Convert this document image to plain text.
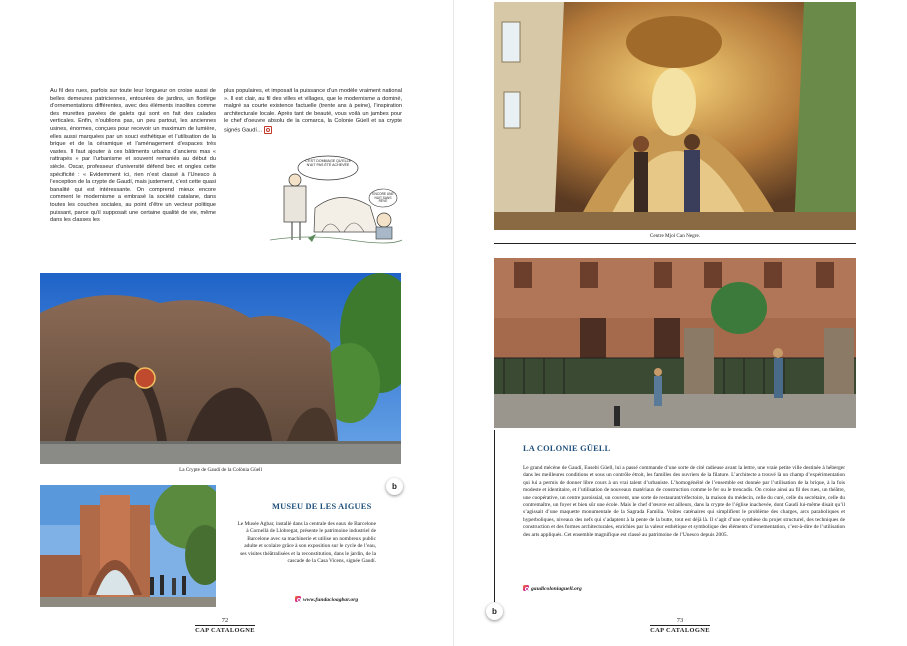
Au fil des rues, parfois sur toute leur longueur on croise aussi de belles demeures patriciennes, entourées de jardins, un florilège d’ornementations différentes, avec des éléments insolites comme des murettes pavées de galets qui sont en fait des calades verticales. Enfin, n’oublions pas, un peu partout, les anciennes usines, énormes, conçues pour recevoir un maximum de lumière, elles aussi marquées par un souci esthétique et l’utilisation de la brique et de la céramique et l’aménagement d’espaces très vastes. Il faut ajouter à ces bâtiments urbains d’anciens mas « rattrapés » par l’urbanisme et souvent remaniés au début du siècle. Oscar, professeur d’université défend bec et ongles cette spécificité : « Evidemment ici, rien n’est classé à l’Unesco à l’exception de la crypte de Gaudí, mais justement, c’est cette quasi banalité qui est intéressante. On comprend mieux encore comment le modernisme a embrasé la société catalane, dans toutes les couches sociales, au point d’être un vecteur politique puissant, parce qu’il supposait une certaine qualité de vie, même dans les classes les

plus populaires, et imposait la puissance d’un modèle vraiment national ». Il est clair, au fil des villes et villages, que le modernisme a dominé, malgré sa courte existence factuelle (trente ans à peine), l’inspiration architecturale locale. Après tant de beauté, vous voilà un jambes pour le chef d’oeuvre absolu de la comarca, la Colonie Güell et sa crypte signés Gaudí…

C'EST DOMMAGE QU'ELLE N'AIT PAS ÉTÉ ACHEVÉE
ENCORE UNE NUIT SANS RÊVE
La Crypte de Gaudí de la Colònia Güell
b
MUSEU DE LES AIGUES

Le Musée Agbar, installé dans la centrale des eaux de Barcelone à Cornellà de Llobregat, présente le patrimoine industriel de Barcelone avec sa machinerie et utilise un nombreux public adulte et scolaire grâce à son exposition sur le cycle de l’eau, ses visites théâtralisées et la reconstitution, dans le jardin, de la cascade de la Casa Vicens, signée Gaudí.

www.fundacioagbar.org
72
CAP CATALOGNE
Centre Mjol Can Negre.
LA COLONIE GÜELL

Le grand mécène de Gaudí, Eusebi Güell, lui a passé commande d’une sorte de cité radieuse avant la lettre, une vraie petite ville destinée à héberger dans les meilleures conditions et sous un contrôle étroit, les familles des ouvriers de la filature. L’architecte a trouvé là un champ d’expérimentation qui lui a permis de donner libre cours à un vrai talent d’urbaniste. L’homogénéité de l’ensemble est donnée par l’utilisation de la brique, à la fois modeste et identitaire, et l’utilisation de nouveaux matériaux de construction comme le fer ou le trencadís. On croise ainsi au fil des rues, un théâtre, une coopérative, un centre paroissial, un couvent, une sorte de restaurant/réfectoire, la maison du médecin, celle du curé, celle du secrétaire, celle du contremaître, un foyer et bien sûr une école. Mais le chef d’œuvre est ailleurs, dans la crypte de l’église inachevée, dont Gaudí lui-même disait qu’il s’agissait d’une maquette monumentale de la Sagrada Familia. Voûtes caténaires qui simplifient le problème des charges, arcs paraboliques et hyperboliques, niveaux des nefs qui s’adaptent à la pente de la butte, tout est déjà là. Il s’agit d’une synthèse du projet structurel, des techniques de construction et des formes architecturales, enrichies par la valeur esthétique et symbolique des éléments d’ornementation, c’est-à-dire de l’utilisation des arts appliqués. Cet ensemble magnifique est classé au patrimoine de l’Unesco depuis 2005.

gaudicoloniaguell.org
b
73
CAP CATALOGNE
